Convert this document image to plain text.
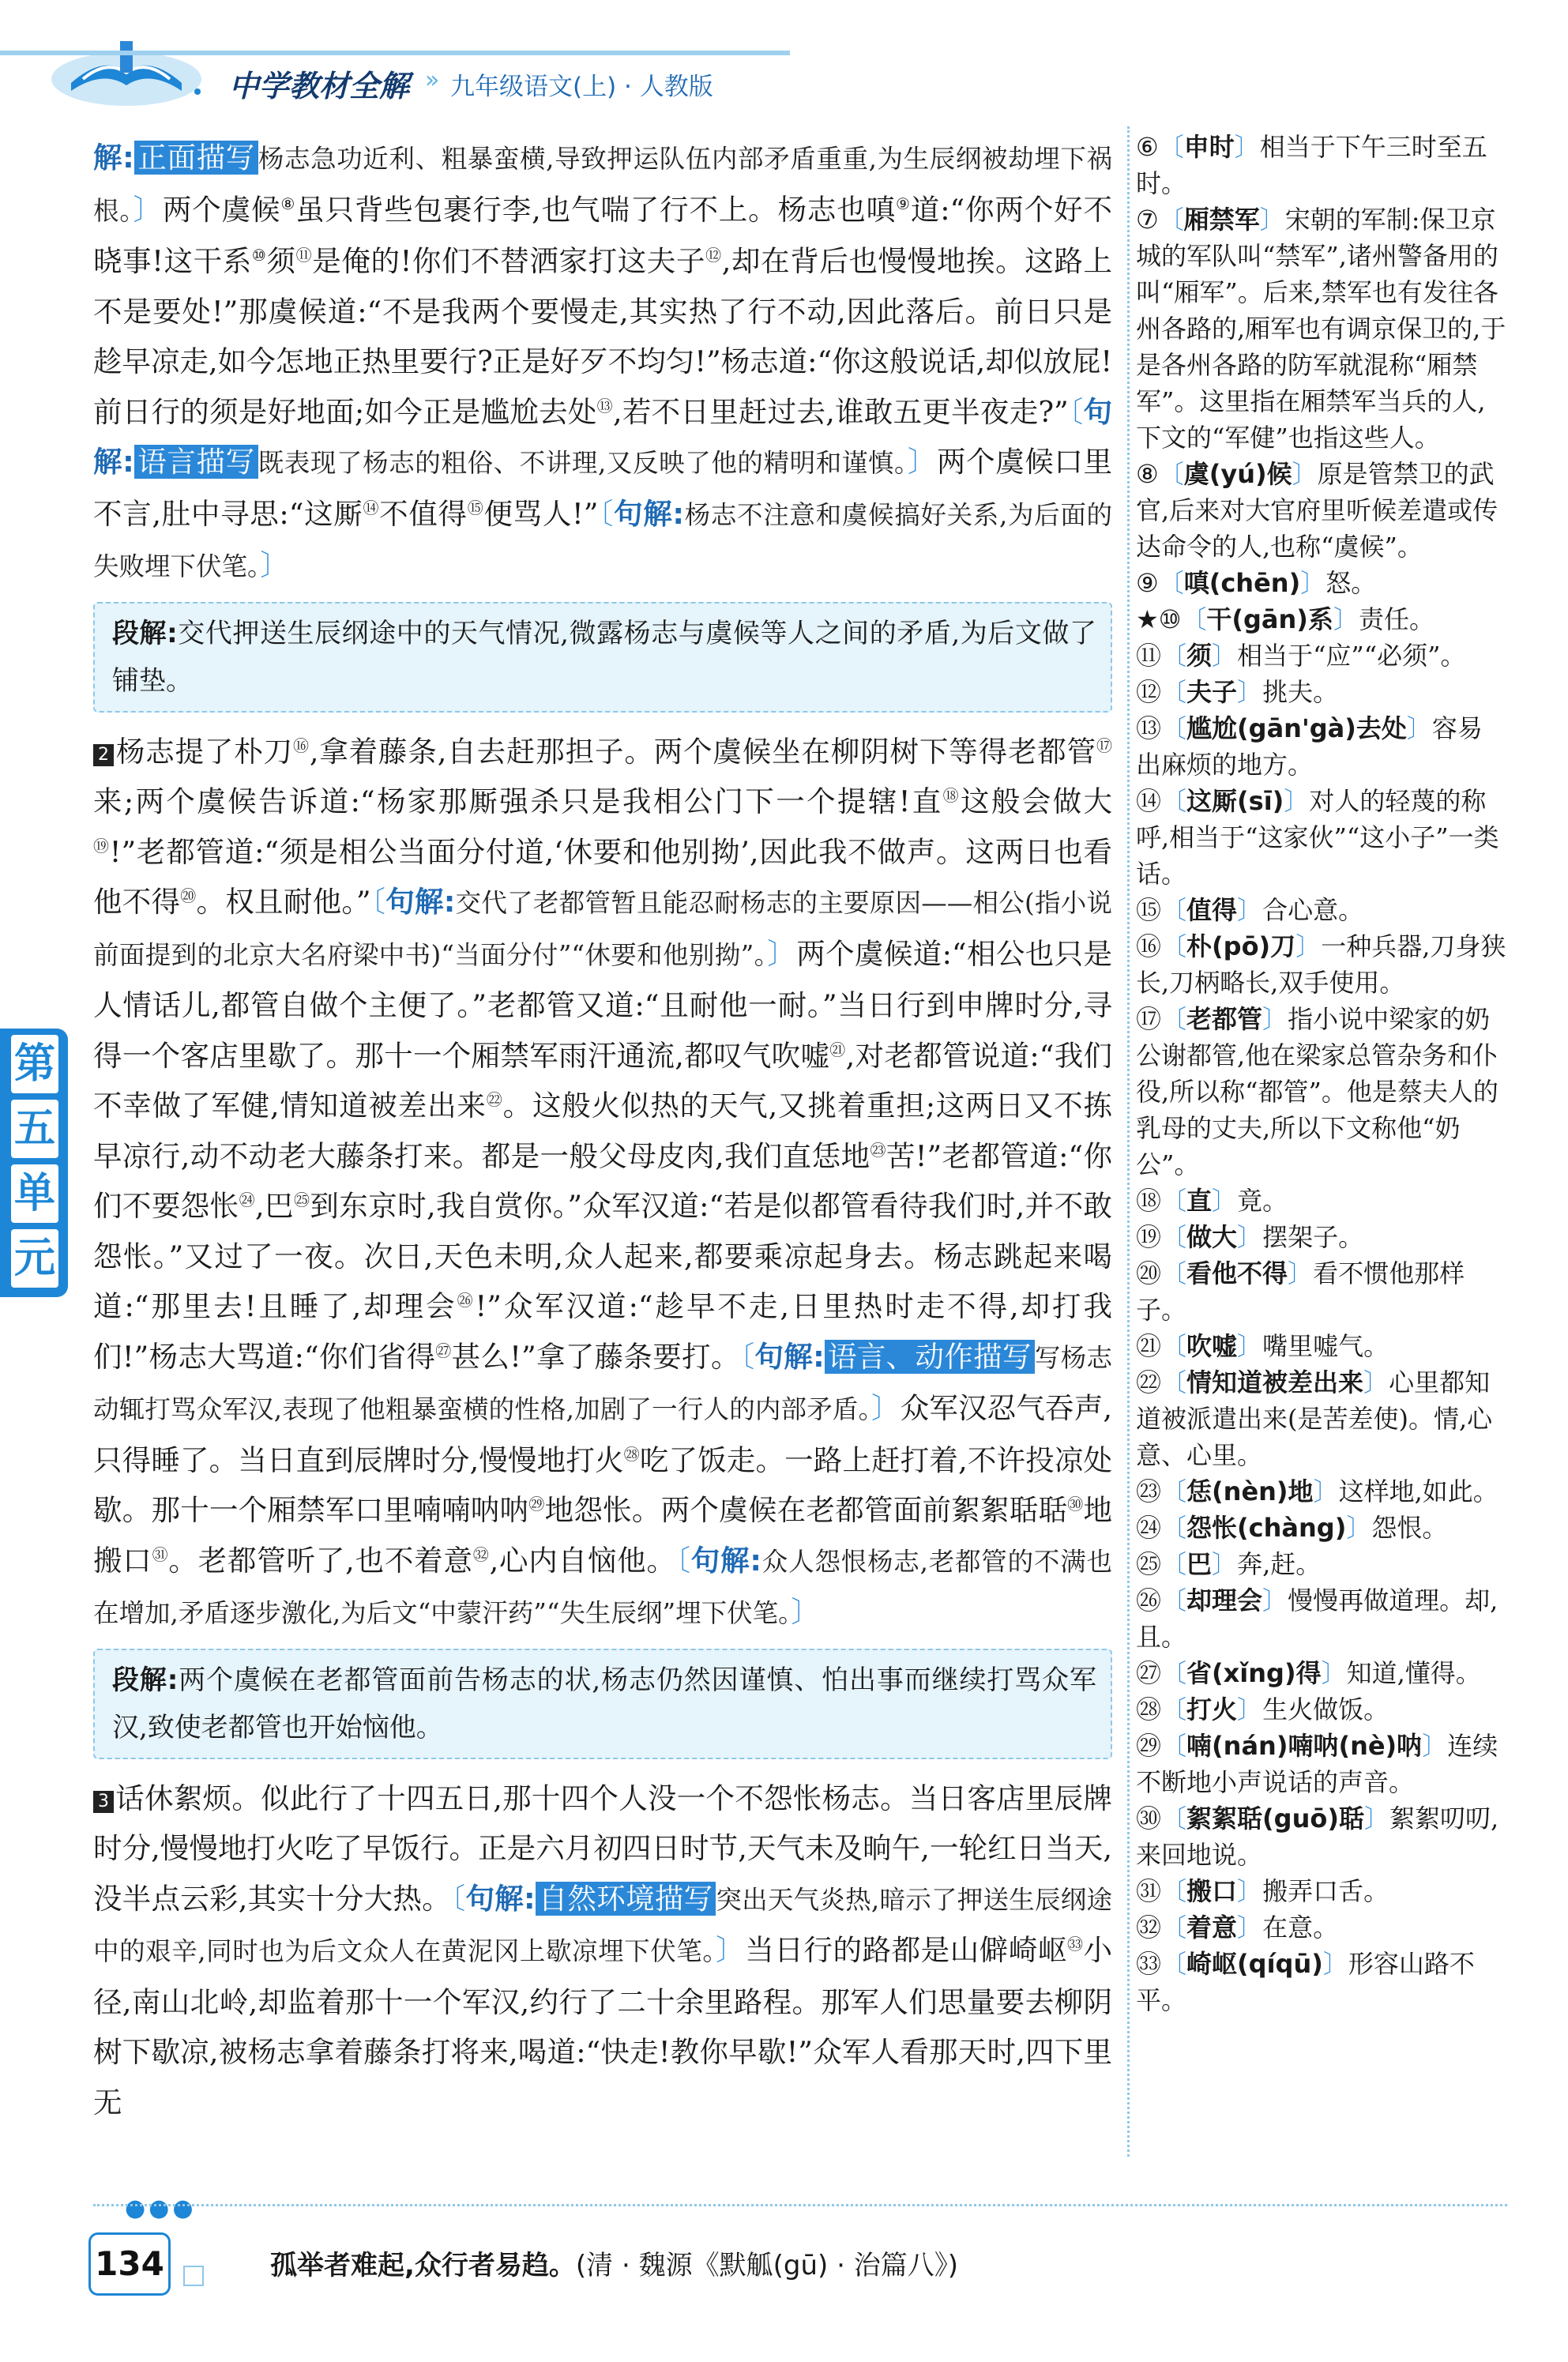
中学教材全解 » 九年级语文(上) · 人教版
第
五
单
元

解: 正面描写 杨志急功近利、粗暴蛮横,导致押运队伍内部矛盾重重,为生辰纲被劫埋下祸根。〕两个虞候⑧虽只背些包裹行李,也气喘了行不上。杨志也嗔⑨道:“你两个好不晓事!这干系⑩须⑪是俺的!你们不替洒家打这夫子⑫,却在背后也慢慢地挨。这路上不是要处!”那虞候道:“不是我两个要慢走,其实热了行不动,因此落后。前日只是趁早凉走,如今怎地正热里要行?正是好歹不均匀!”杨志道:“你这般说话,却似放屁!前日行的须是好地面;如今正是尴尬去处⑬,若不日里赶过去,谁敢五更半夜走?”〔句解: 语言描写 既表现了杨志的粗俗、不讲理,又反映了他的精明和谨慎。〕两个虞候口里不言,肚中寻思:“这厮⑭不值得⑮便骂人!”〔句解:杨志不注意和虞候搞好关系,为后面的失败埋下伏笔。〕

段解:交代押送生辰纲途中的天气情况,微露杨志与虞候等人之间的矛盾,为后文做了铺垫。

2 杨志提了朴刀⑯,拿着藤条,自去赶那担子。两个虞候坐在柳阴树下等得老都管⑰来;两个虞候告诉道:“杨家那厮强杀只是我相公门下一个提辖!直⑱这般会做大⑲!”老都管道:“须是相公当面分付道,‘休要和他别拗’,因此我不做声。这两日也看他不得⑳。权且耐他。”〔句解:交代了老都管暂且能忍耐杨志的主要原因——相公(指小说前面提到的北京大名府梁中书)“当面分付”“休要和他别拗”。〕两个虞候道:“相公也只是人情话儿,都管自做个主便了。”老都管又道:“且耐他一耐。”当日行到申牌时分,寻得一个客店里歇了。那十一个厢禁军雨汗通流,都叹气吹嘘$^㉑$,对老都管说道:“我们不幸做了军健,情知道被差出来$^㉒$。这般火似热的天气,又挑着重担;这两日又不拣早凉行,动不动老大藤条打来。都是一般父母皮肉,我们直恁地$^㉓$苦!”老都管道:“你们不要怨怅$^㉔$,巴$^㉕$到东京时,我自赏你。”众军汉道:“若是似都管看待我们时,并不敢怨怅。”又过了一夜。次日,天色未明,众人起来,都要乘凉起身去。杨志跳起来喝道:“那里去!且睡了,却理会$^㉖$!”众军汉道:“趁早不走,日里热时走不得,却打我们!”杨志大骂道:“你们省得$^㉗$甚么!”拿了藤条要打。〔句解: 语言、动作描写 写杨志动辄打骂众军汉,表现了他粗暴蛮横的性格,加剧了一行人的内部矛盾。〕众军汉忍气吞声,只得睡了。当日直到辰牌时分,慢慢地打火$^㉘$吃了饭走。一路上赶打着,不许投凉处歇。那十一个厢禁军口里喃喃呐呐$^㉙$地怨怅。两个虞候在老都管面前絮絮聒聒$^㉚$地搬口$^㉛$。老都管听了,也不着意$^㉜$,心内自恼他。〔句解:众人怨恨杨志,老都管的不满也在增加,矛盾逐步激化,为后文“中蒙汗药”“失生辰纲”埋下伏笔。〕

段解:两个虞候在老都管面前告杨志的状,杨志仍然因谨慎、怕出事而继续打骂众军汉,致使老都管也开始恼他。

3 话休絮烦。似此行了十四五日,那十四个人没一个不怨怅杨志。当日客店里辰牌时分,慢慢地打火吃了早饭行。正是六月初四日时节,天气未及晌午,一轮红日当天,没半点云彩,其实十分大热。〔句解: 自然环境描写 突出天气炎热,暗示了押送生辰纲途中的艰辛,同时也为后文众人在黄泥冈上歇凉埋下伏笔。〕当日行的路都是山僻崎岖$^㉝$小径,南山北岭,却监着那十一个军汉,约行了二十余里路程。那军人们思量要去柳阴树下歇凉,被杨志拿着藤条打将来,喝道:“快走!教你早歇!”众军人看那天时,四下里无

⑥〔申时〕相当于下午三时至五时。
⑦〔厢禁军〕宋朝的军制:保卫京城的军队叫“禁军”,诸州警备用的叫“厢军”。后来,禁军也有发往各州各路的,厢军也有调京保卫的,于是各州各路的防军就混称“厢禁军”。这里指在厢禁军当兵的人,下文的“军健”也指这些人。
⑧〔虞(yú)候〕原是管禁卫的武官,后来对大官府里听候差遣或传达命令的人,也称“虞候”。
⑨〔嗔(chēn)〕怒。
★⑩〔干(gān)系〕责任。
⑪〔须〕相当于“应”“必须”。
⑫〔夫子〕挑夫。
⑬〔尴尬(gān'gà)去处〕容易出麻烦的地方。
⑭〔这厮(sī)〕对人的轻蔑的称呼,相当于“这家伙”“这小子”一类话。
⑮〔值得〕合心意。
⑯〔朴(pō)刀〕一种兵器,刀身狭长,刀柄略长,双手使用。
⑰〔老都管〕指小说中梁家的奶公谢都管,他在梁家总管杂务和仆役,所以称“都管”。他是蔡夫人的乳母的丈夫,所以下文称他“奶公”。
⑱〔直〕竟。
⑲〔做大〕摆架子。
⑳〔看他不得〕看不惯他那样子。
㉑〔吹嘘〕嘴里嘘气。
㉒〔情知道被差出来〕心里都知道被派遣出来(是苦差使)。情,心意、心里。
㉓〔恁(nèn)地〕这样地,如此。
㉔〔怨怅(chàng)〕怨恨。
㉕〔巴〕奔,赶。
㉖〔却理会〕慢慢再做道理。却,且。
㉗〔省(xǐng)得〕知道,懂得。
㉘〔打火〕生火做饭。
㉙〔喃(nán)喃呐(nè)呐〕连续不断地小声说话的声音。
㉚〔絮絮聒(guō)聒〕絮絮叨叨,来回地说。
㉛〔搬口〕搬弄口舌。
㉜〔着意〕在意。
㉝〔崎岖(qíqū)〕形容山路不平。
●●●
134	孤举者难起,众行者易趋。(清 · 魏源《默觚(gū) · 治篇八》)
